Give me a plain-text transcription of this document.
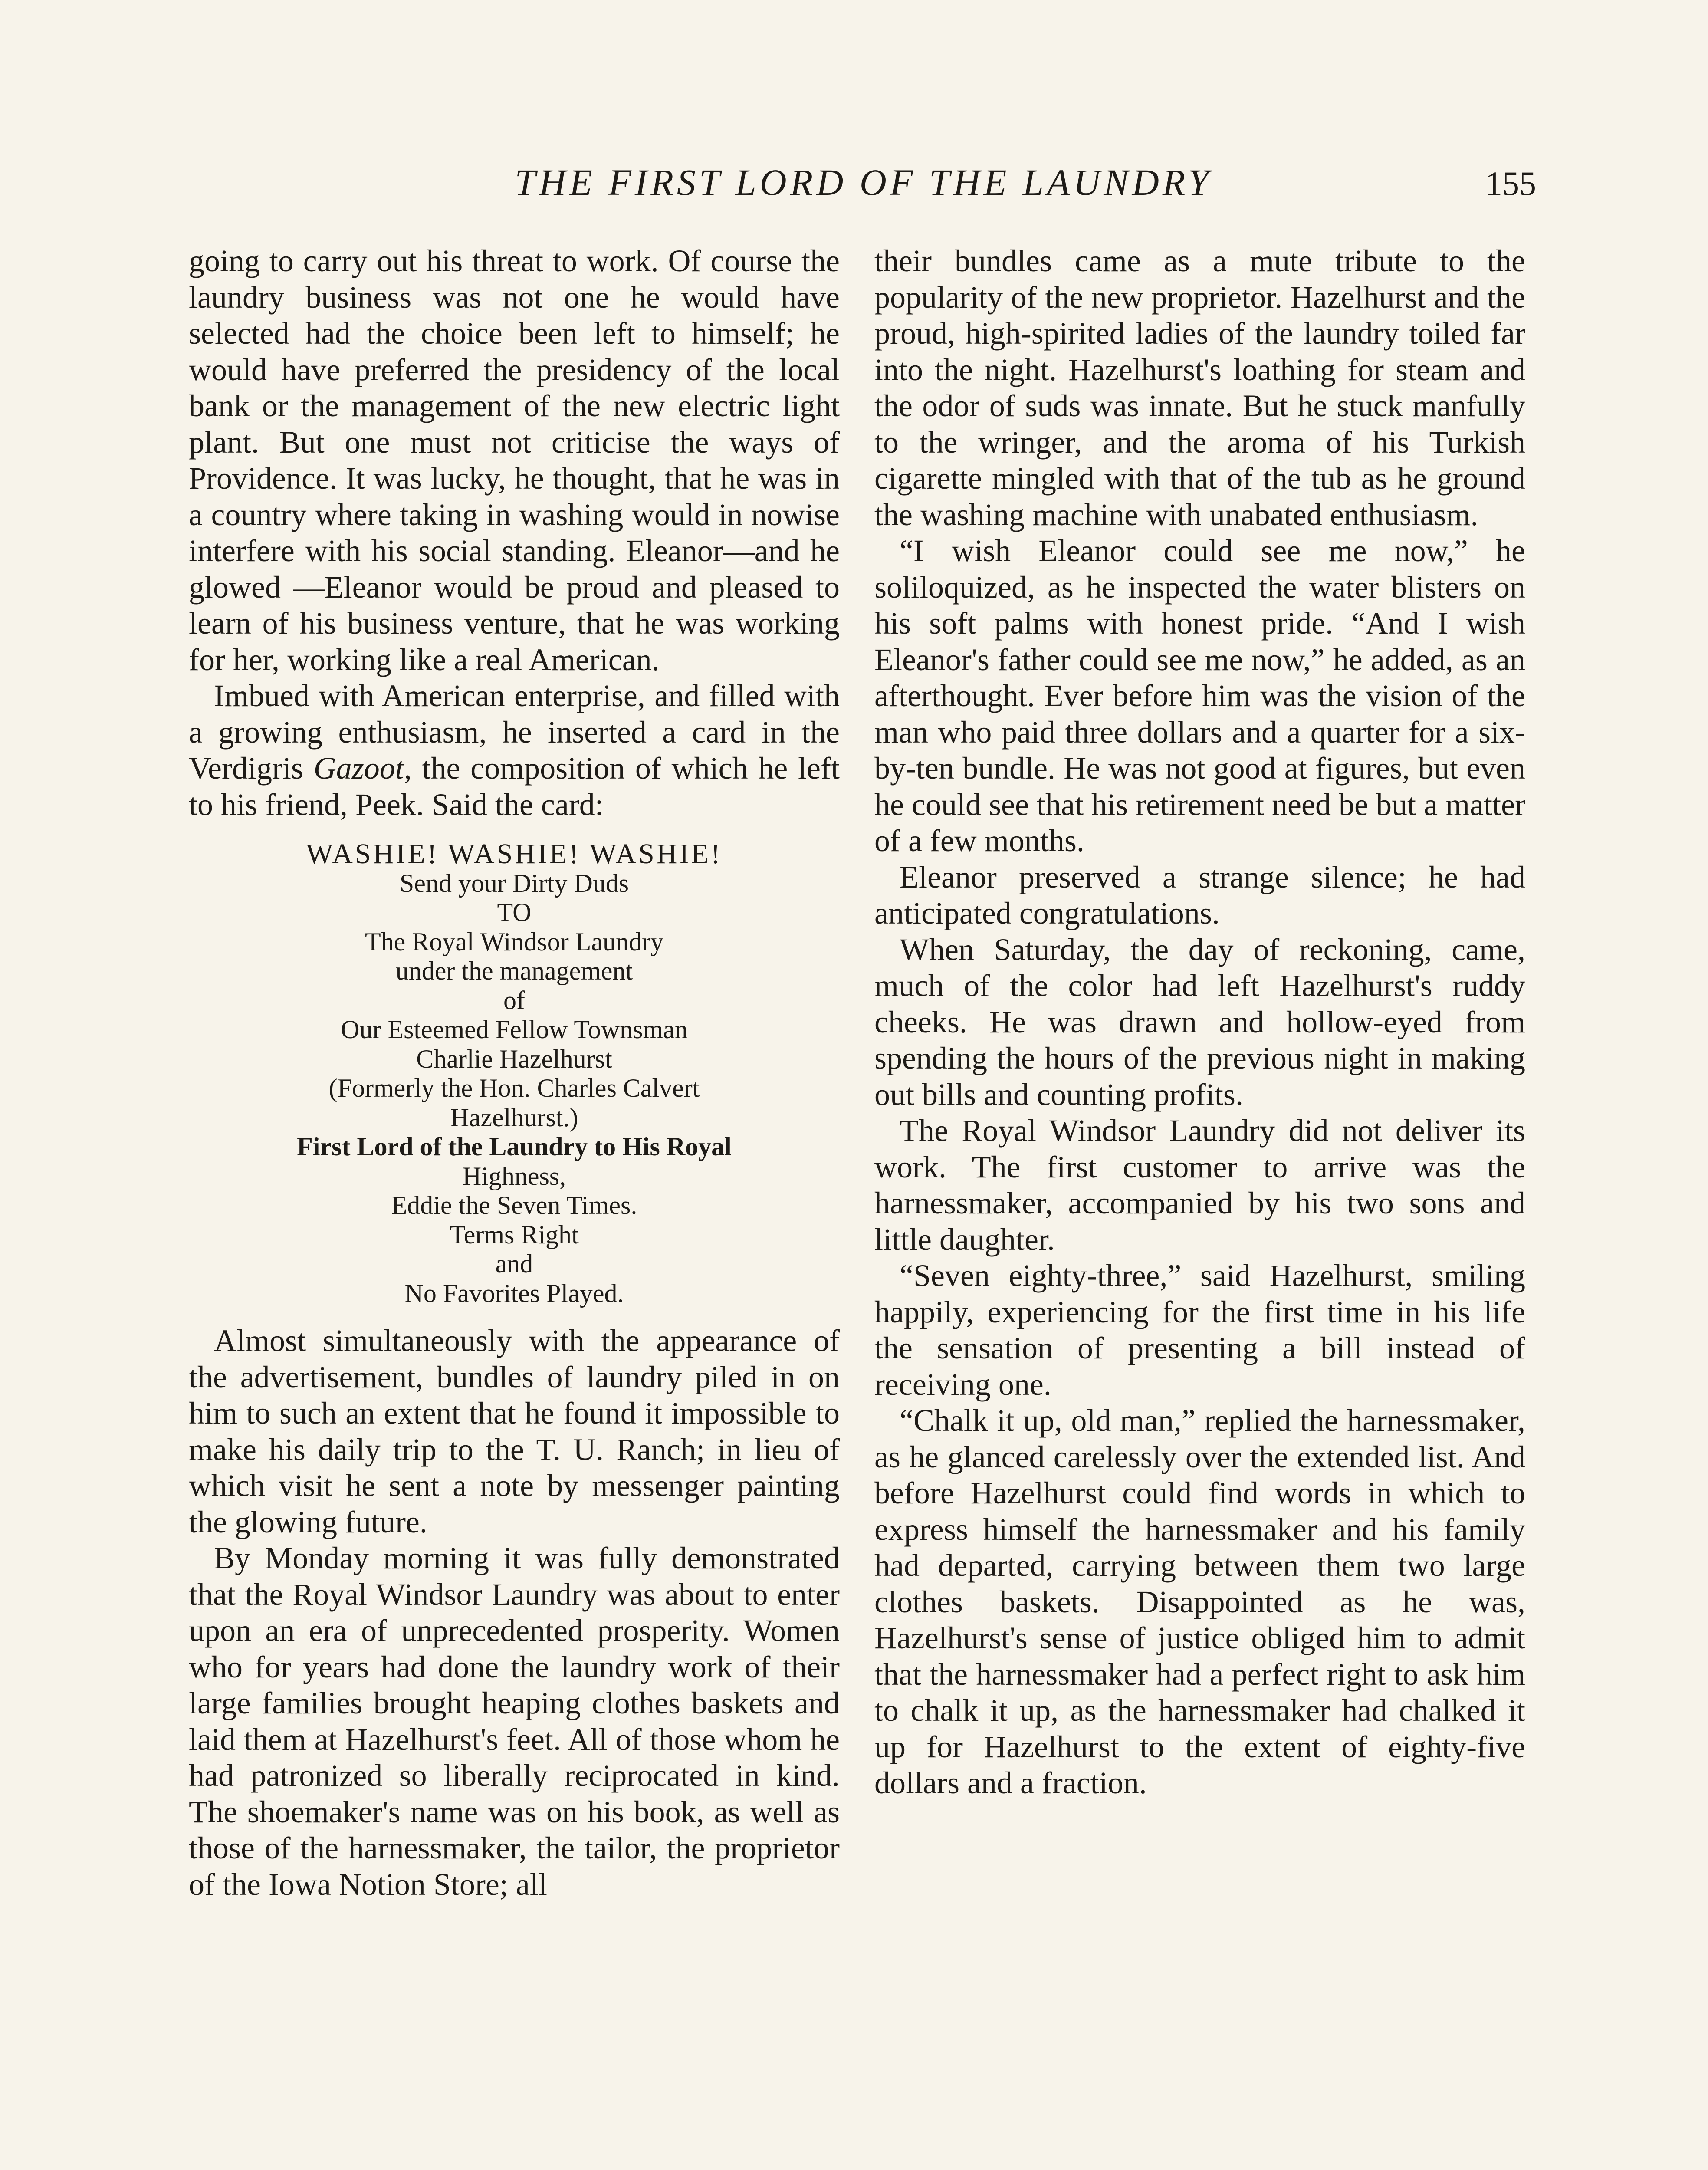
THE FIRST LORD OF THE LAUNDRY	155

going to carry out his threat to work. Of course the laundry business was not one he would have selected had the choice been left to himself; he would have preferred the presidency of the local bank or the management of the new electric light plant. But one must not criticise the ways of Providence. It was lucky, he thought, that he was in a country where taking in washing would in nowise interfere with his social standing. Eleanor—and he glowed —Eleanor would be proud and pleased to learn of his business venture, that he was working for her, working like a real American.

Imbued with American enterprise, and filled with a growing enthusiasm, he inserted a card in the Verdigris Gazoot, the composition of which he left to his friend, Peek. Said the card:

WASHIE! WASHIE! WASHIE!
Send your Dirty Duds
TO
The Royal Windsor Laundry
under the management
of
Our Esteemed Fellow Townsman
Charlie Hazelhurst
(Formerly the Hon. Charles Calvert
Hazelhurst.)
First Lord of the Laundry to His Royal
Highness,
Eddie the Seven Times.
Terms Right
and
No Favorites Played.

Almost simultaneously with the appearance of the advertisement, bundles of laundry piled in on him to such an extent that he found it impossible to make his daily trip to the T. U. Ranch; in lieu of which visit he sent a note by messenger painting the glowing future.

By Monday morning it was fully demonstrated that the Royal Windsor Laundry was about to enter upon an era of unprecedented prosperity. Women who for years had done the laundry work of their large families brought heaping clothes baskets and laid them at Hazelhurst's feet. All of those whom he had patronized so liberally reciprocated in kind. The shoemaker's name was on his book, as well as those of the harnessmaker, the tailor, the proprietor of the Iowa Notion Store; all

their bundles came as a mute tribute to the popularity of the new proprietor. Hazelhurst and the proud, high-spirited ladies of the laundry toiled far into the night. Hazelhurst's loathing for steam and the odor of suds was innate. But he stuck manfully to the wringer, and the aroma of his Turkish cigarette mingled with that of the tub as he ground the washing machine with unabated enthusiasm.

“I wish Eleanor could see me now,” he soliloquized, as he inspected the water blisters on his soft palms with honest pride. “And I wish Eleanor's father could see me now,” he added, as an afterthought. Ever before him was the vision of the man who paid three dollars and a quarter for a six-by-ten bundle. He was not good at figures, but even he could see that his retirement need be but a matter of a few months.

Eleanor preserved a strange silence; he had anticipated congratulations.

When Saturday, the day of reckoning, came, much of the color had left Hazelhurst's ruddy cheeks. He was drawn and hollow-eyed from spending the hours of the previous night in making out bills and counting profits.

The Royal Windsor Laundry did not deliver its work. The first customer to arrive was the harnessmaker, accompanied by his two sons and little daughter.

“Seven eighty-three,” said Hazelhurst, smiling happily, experiencing for the first time in his life the sensation of presenting a bill instead of receiving one.

“Chalk it up, old man,” replied the harnessmaker, as he glanced carelessly over the extended list. And before Hazelhurst could find words in which to express himself the harnessmaker and his family had departed, carrying between them two large clothes baskets. Disappointed as he was, Hazelhurst's sense of justice obliged him to admit that the harnessmaker had a perfect right to ask him to chalk it up, as the harnessmaker had chalked it up for Hazelhurst to the extent of eighty-five dollars and a fraction.
